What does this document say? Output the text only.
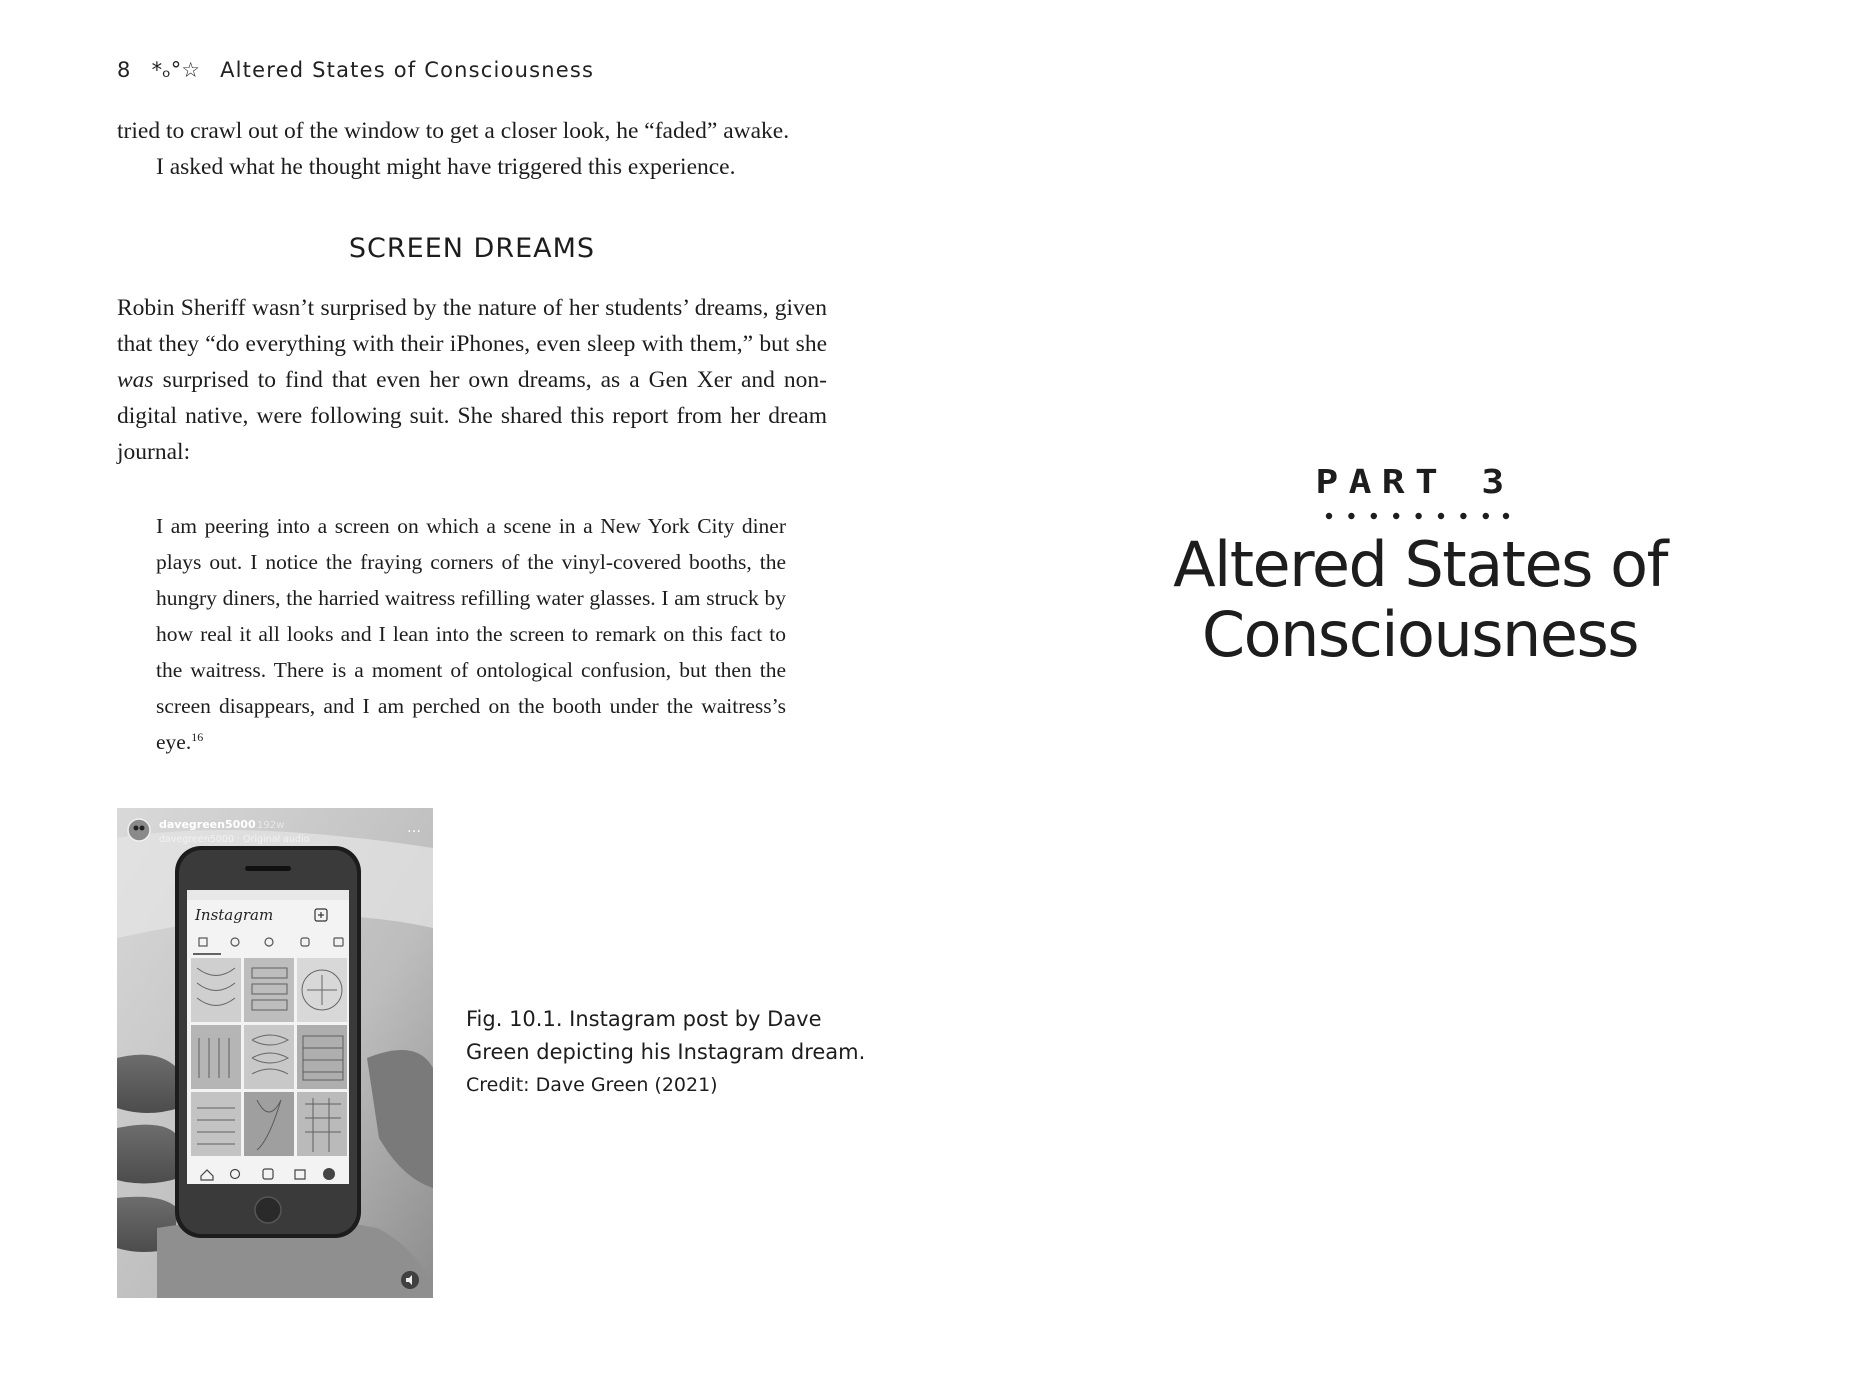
8 *ₒ°☆ Altered States of Consciousness
tried to crawl out of the window to get a closer look, he “faded” awake.
I asked what he thought might have triggered this experience.
SCREEN DREAMS

Robin Sheriff wasn’t surprised by the nature of her students’ dreams, given that they “do everything with their iPhones, even sleep with them,” but she was surprised to find that even her own dreams, as a Gen Xer and non-digital native, were following suit. She shared this report from her dream journal:

I am peering into a screen on which a scene in a New York City diner plays out. I notice the fraying corners of the vinyl-covered booths, the hungry diners, the harried waitress refilling water glasses. I am struck by how real it all looks and I lean into the screen to remark on this fact to the waitress. There is a moment of ontological confusion, but then the screen disappears, and I am perched on the booth under the waitress’s eye.$^{16}$

Instagram
davegreen5000 192w
davegreen5000 · Original audio
…
Fig. 10.1. Instagram post by Dave Green depicting his Instagram dream.
Credit: Dave Green (2021)
PART 3
Altered States of
Consciousness
